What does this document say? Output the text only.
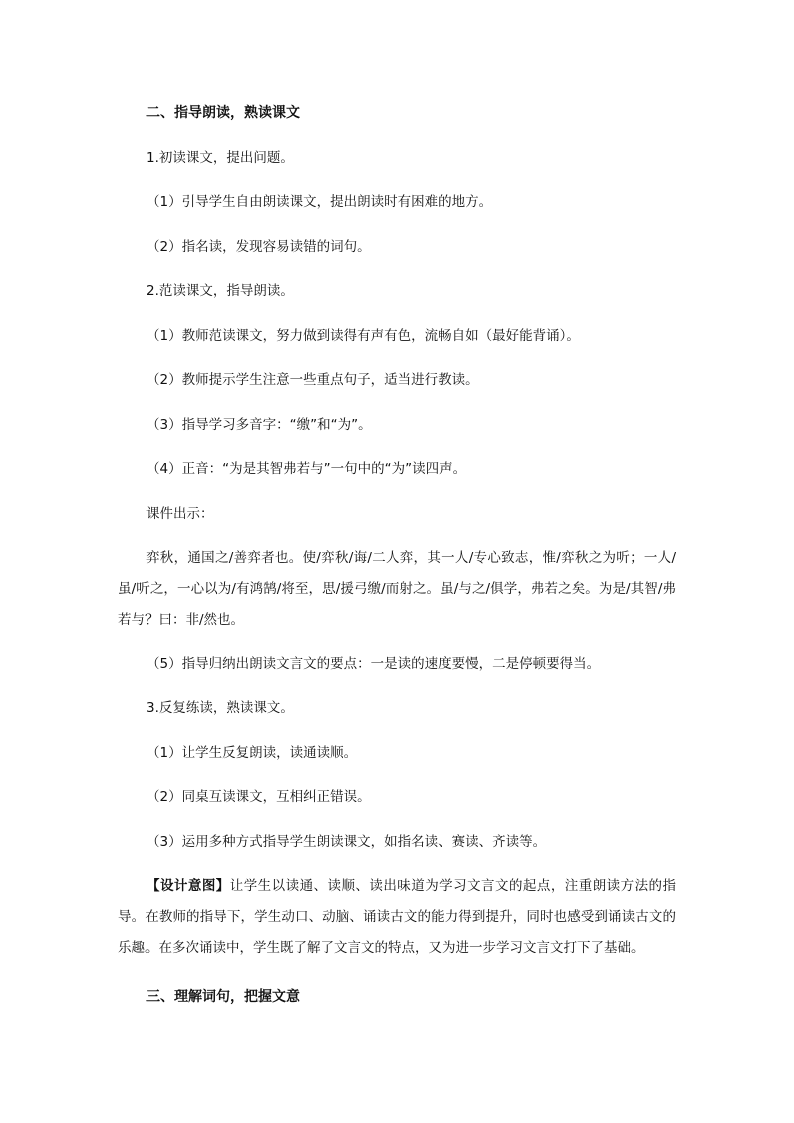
二、指导朗读，熟读课文
1.初读课文，提出问题。
（1）引导学生自由朗读课文，提出朗读时有困难的地方。
（2）指名读，发现容易读错的词句。
2.范读课文，指导朗读。
（1）教师范读课文，努力做到读得有声有色，流畅自如（最好能背诵）。
（2）教师提示学生注意一些重点句子，适当进行教读。
（3）指导学习多音字：“缴”和“为”。
（4）正音：“为是其智弗若与”一句中的“为”读四声。
课件出示：
弈秋，通国之/善弈者也。使/弈秋/诲/二人弈，其一人/专心致志，惟/弈秋之为听；一人/虽/听之，一心以为/有鸿鹄/将至，思/援弓缴/而射之。虽/与之/俱学，弗若之矣。为是/其智/弗若与？曰：非/然也。
（5）指导归纳出朗读文言文的要点：一是读的速度要慢，二是停顿要得当。
3.反复练读，熟读课文。
（1）让学生反复朗读，读通读顺。
（2）同桌互读课文，互相纠正错误。
（3）运用多种方式指导学生朗读课文，如指名读、赛读、齐读等。
【设计意图】让学生以读通、读顺、读出味道为学习文言文的起点，注重朗读方法的指导。在教师的指导下，学生动口、动脑、诵读古文的能力得到提升，同时也感受到诵读古文的乐趣。在多次诵读中，学生既了解了文言文的特点，又为进一步学习文言文打下了基础。
三、理解词句，把握文意
